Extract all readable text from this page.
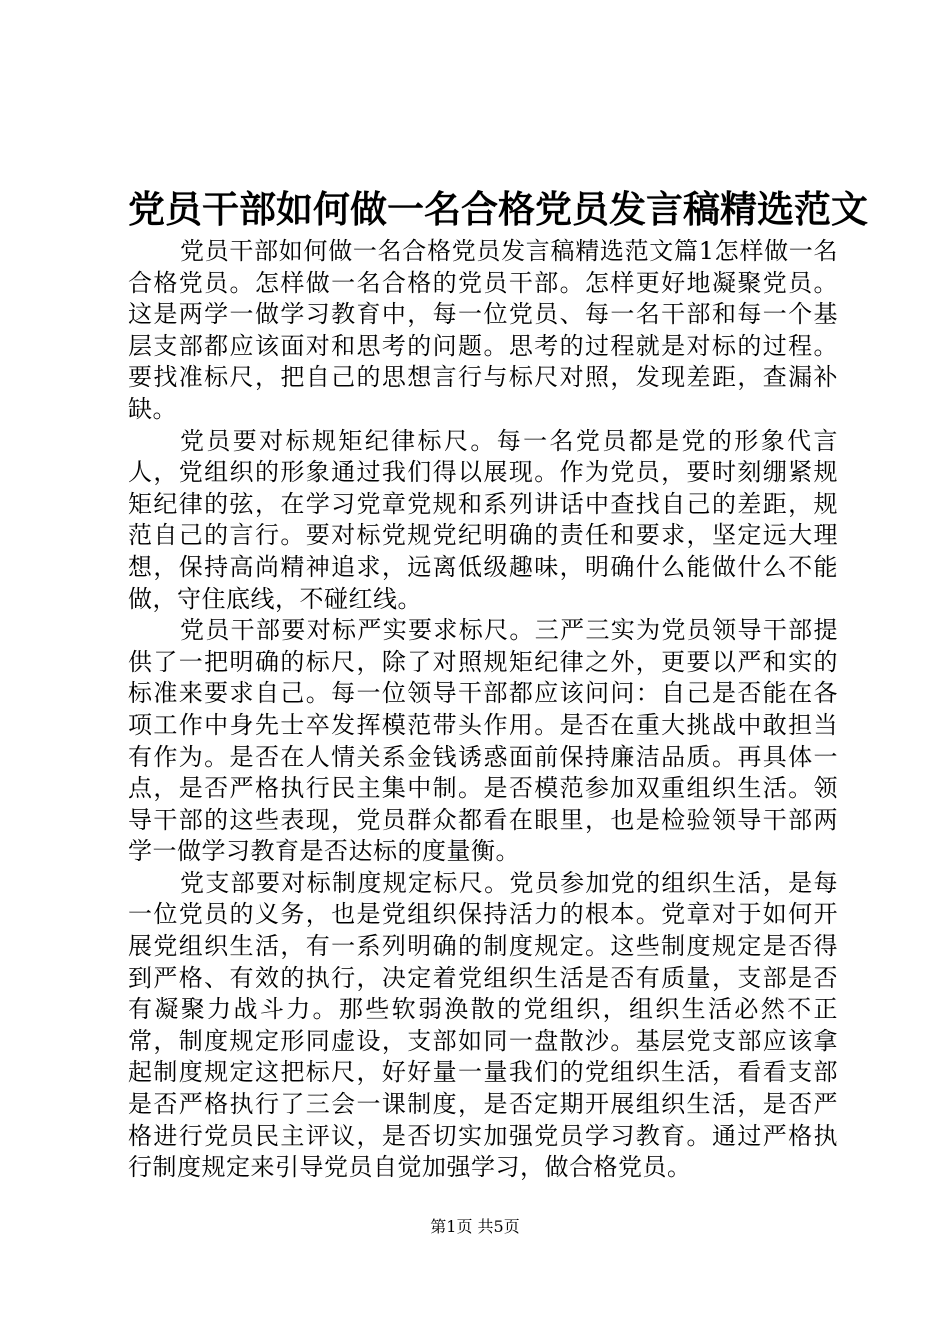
党员干部如何做一名合格党员发言稿精选范文

党员干部如何做一名合格党员发言稿精选范文篇1怎样做一名合格党员。怎样做一名合格的党员干部。怎样更好地凝聚党员。这是两学一做学习教育中，每一位党员、每一名干部和每一个基层支部都应该面对和思考的问题。思考的过程就是对标的过程。要找准标尺，把自己的思想言行与标尺对照，发现差距，查漏补缺。

党员要对标规矩纪律标尺。每一名党员都是党的形象代言人，党组织的形象通过我们得以展现。作为党员，要时刻绷紧规矩纪律的弦，在学习党章党规和系列讲话中查找自己的差距，规范自己的言行。要对标党规党纪明确的责任和要求，坚定远大理想，保持高尚精神追求，远离低级趣味，明确什么能做什么不能做，守住底线，不碰红线。

党员干部要对标严实要求标尺。三严三实为党员领导干部提供了一把明确的标尺，除了对照规矩纪律之外，更要以严和实的标准来要求自己。每一位领导干部都应该问问：自己是否能在各项工作中身先士卒发挥模范带头作用。是否在重大挑战中敢担当有作为。是否在人情关系金钱诱惑面前保持廉洁品质。再具体一点，是否严格执行民主集中制。是否模范参加双重组织生活。领导干部的这些表现，党员群众都看在眼里，也是检验领导干部两学一做学习教育是否达标的度量衡。

党支部要对标制度规定标尺。党员参加党的组织生活，是每一位党员的义务，也是党组织保持活力的根本。党章对于如何开展党组织生活，有一系列明确的制度规定。这些制度规定是否得到严格、有效的执行，决定着党组织生活是否有质量，支部是否有凝聚力战斗力。那些软弱涣散的党组织，组织生活必然不正常，制度规定形同虚设，支部如同一盘散沙。基层党支部应该拿起制度规定这把标尺，好好量一量我们的党组织生活，看看支部是否严格执行了三会一课制度，是否定期开展组织生活，是否严格进行党员民主评议，是否切实加强党员学习教育。通过严格执行制度规定来引导党员自觉加强学习，做合格党员。

第1页 共5页
